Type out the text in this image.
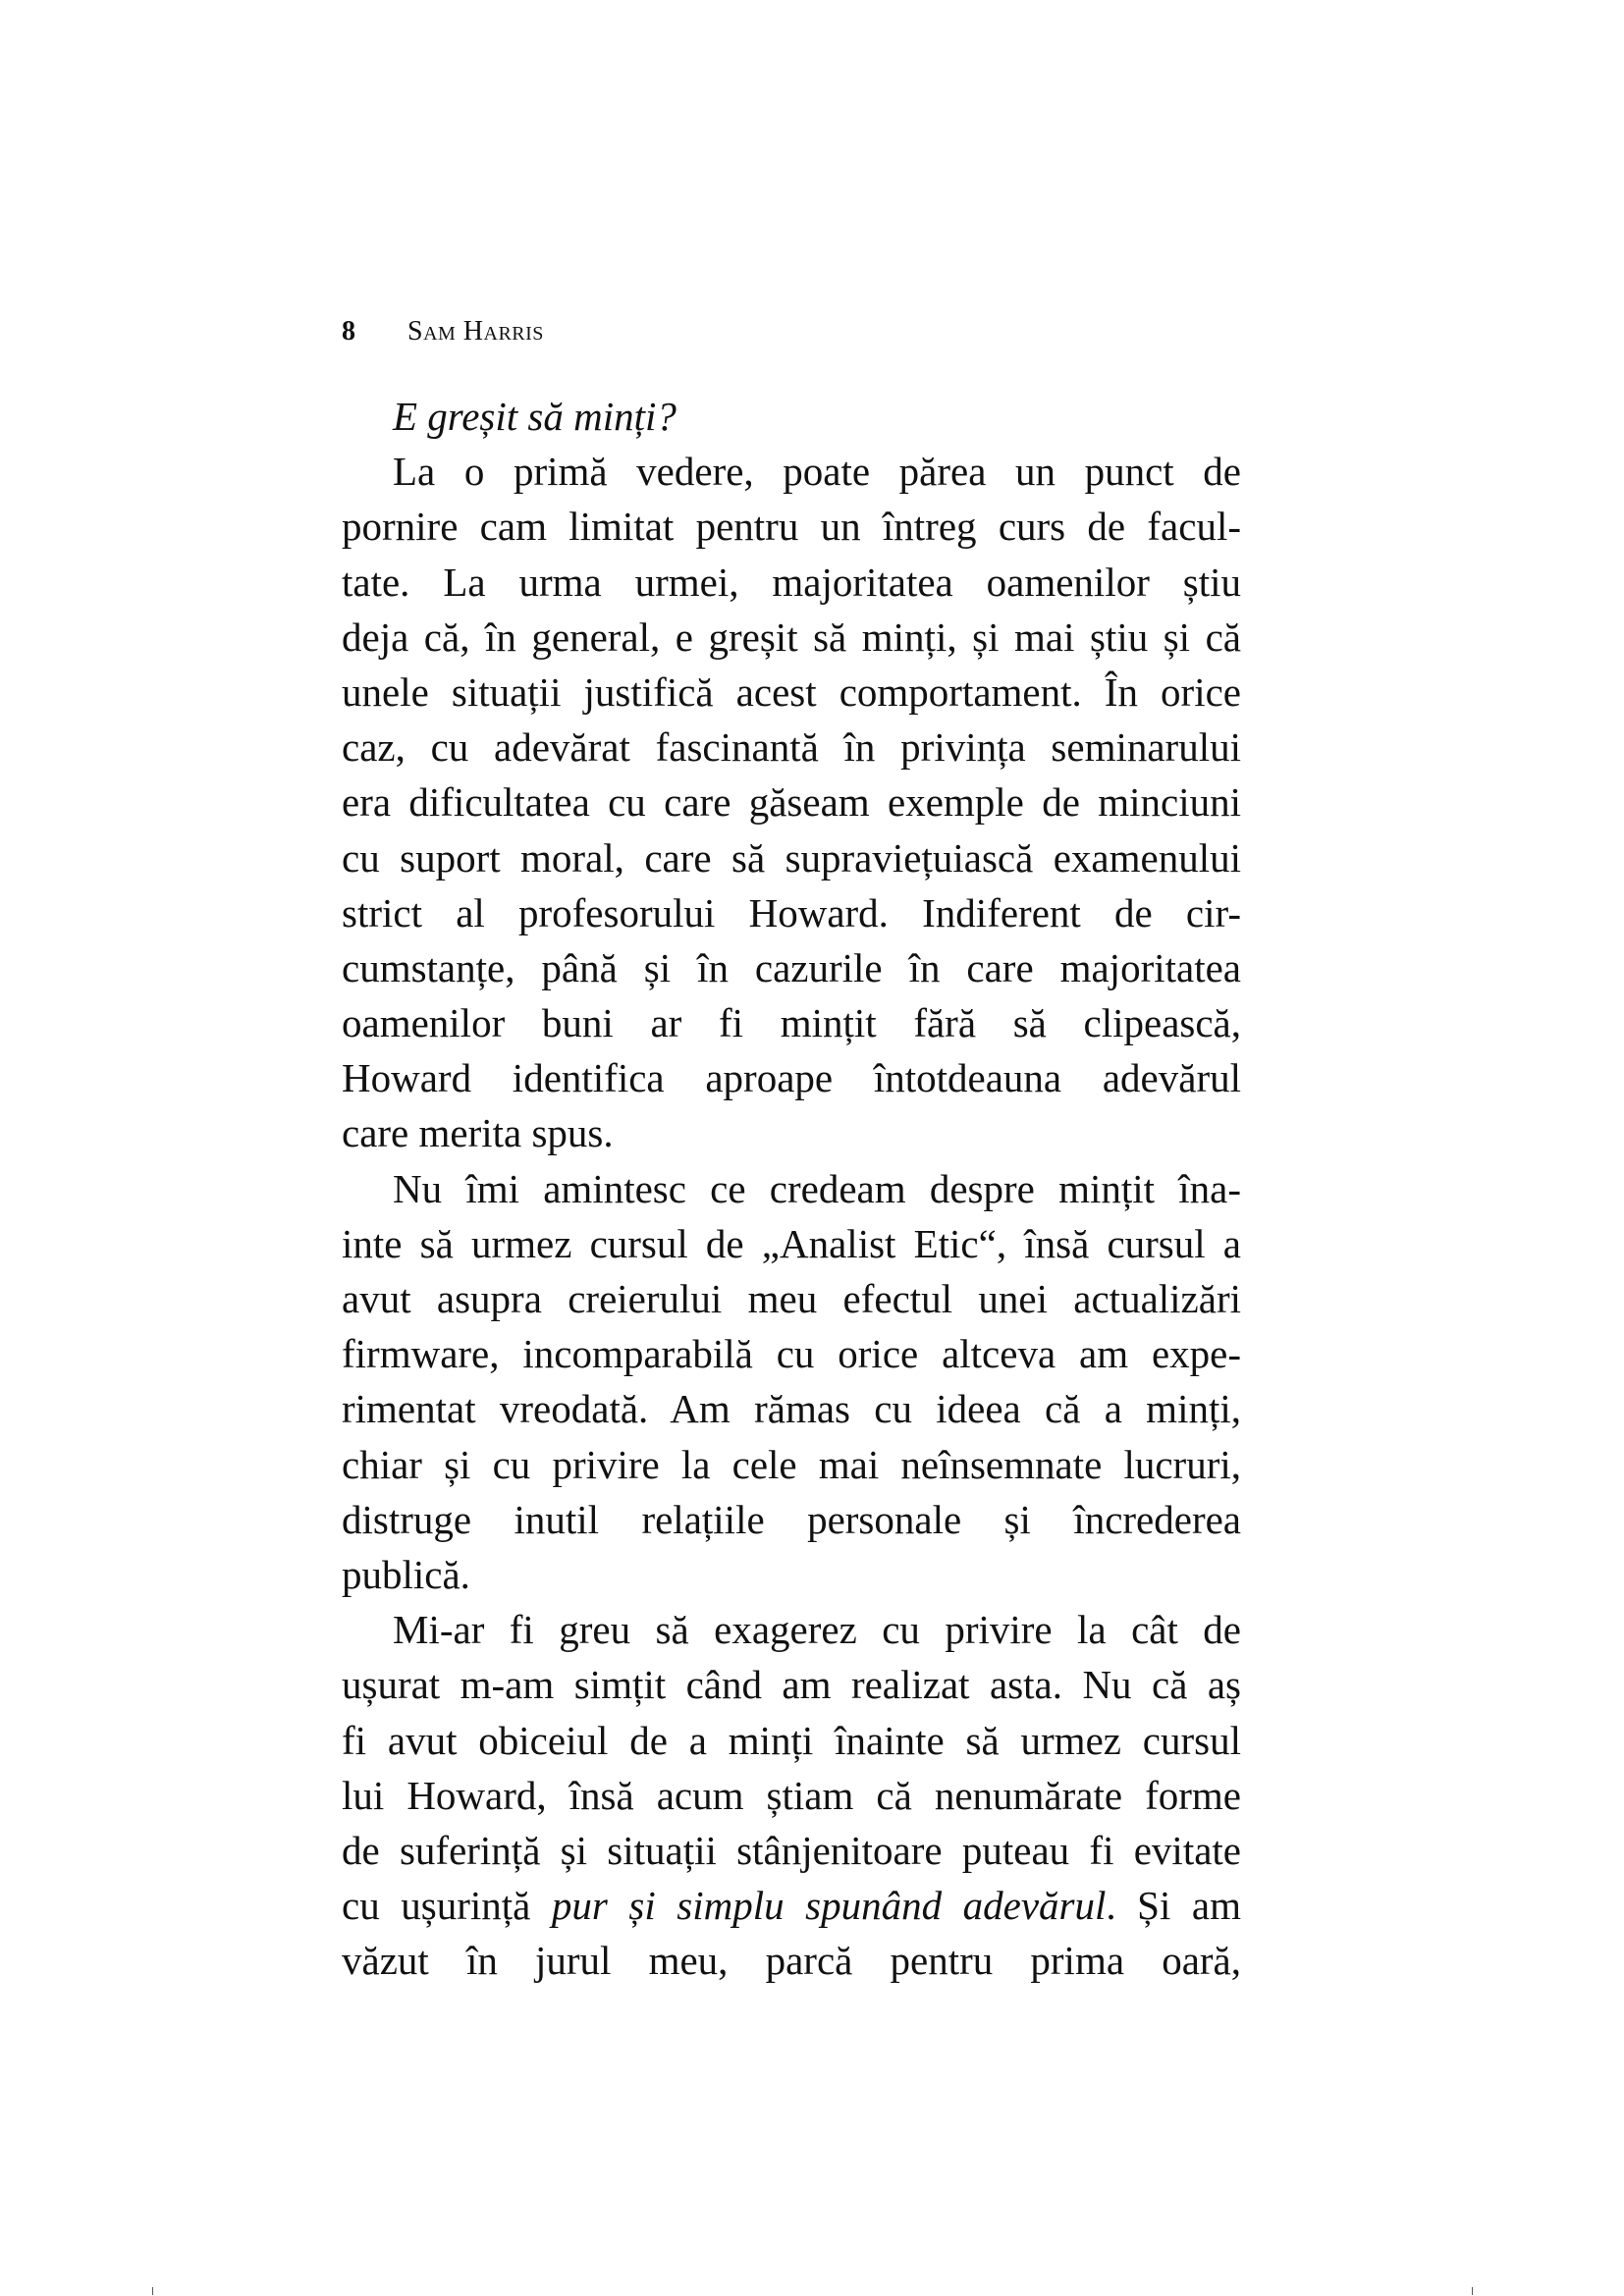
8 Sam Harris
E greșit să minți?
La o primă vedere, poate părea un punct de
pornire cam limitat pentru un întreg curs de facul-
tate. La urma urmei, majoritatea oamenilor știu
deja că, în general, e greșit să minți, și mai știu și că
unele situații justifică acest comportament. În orice
caz, cu adevărat fascinantă în privința seminarului
era dificultatea cu care găseam exemple de minciuni
cu suport moral, care să supraviețuiască examenului
strict al profesorului Howard. Indiferent de cir-
cumstanțe, până și în cazurile în care majoritatea
oamenilor buni ar fi mințit fără să clipească,
Howard identifica aproape întotdeauna adevărul
care merita spus.
Nu îmi amintesc ce credeam despre mințit îna-
inte să urmez cursul de „Analist Etic“, însă cursul a
avut asupra creierului meu efectul unei actualizări
firmware, incomparabilă cu orice altceva am expe-
rimentat vreodată. Am rămas cu ideea că a minți,
chiar și cu privire la cele mai neînsemnate lucruri,
distruge inutil relațiile personale și încrederea
publică.
Mi-ar fi greu să exagerez cu privire la cât de
ușurat m-am simțit când am realizat asta. Nu că aș
fi avut obiceiul de a minți înainte să urmez cursul
lui Howard, însă acum știam că nenumărate forme
de suferință și situații stânjenitoare puteau fi evitate
cu ușurință pur și simplu spunând adevărul. Și am
văzut în jurul meu, parcă pentru prima oară,
